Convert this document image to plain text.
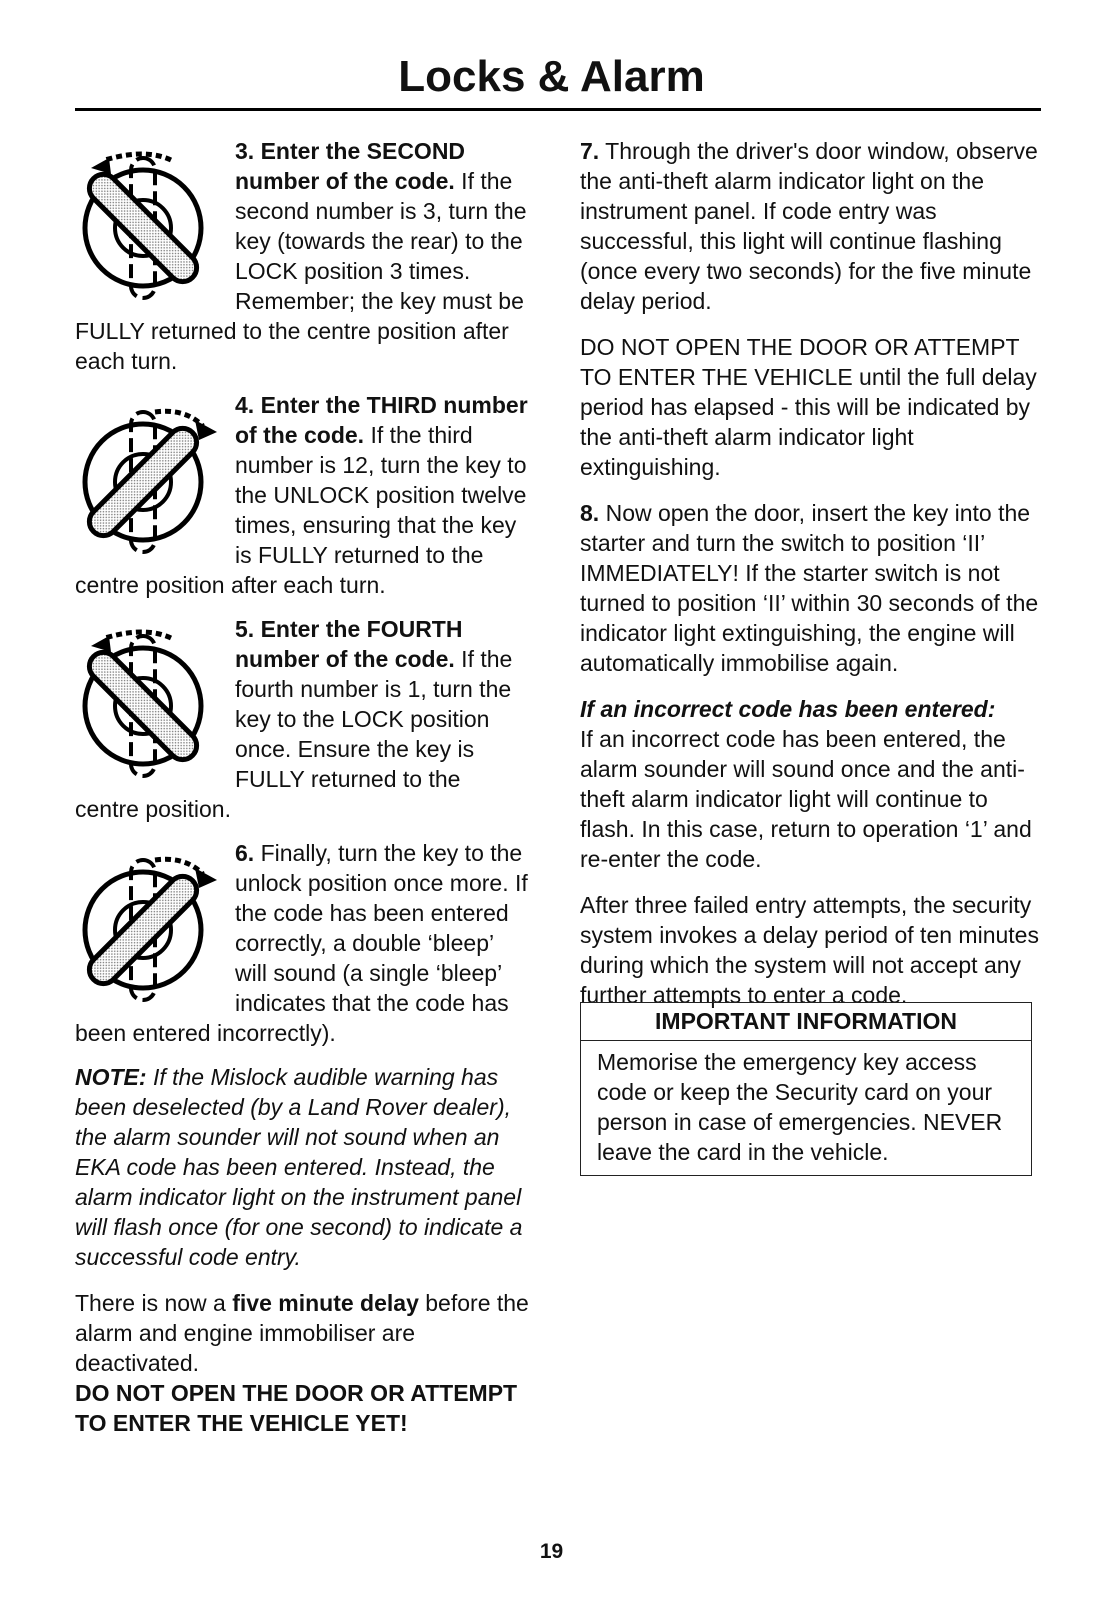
Locks & Alarm

3. Enter the SECOND number of the code. If the second number is 3, turn the key (towards the rear) to the LOCK position 3 times. Remember; the key must be FULLY returned to the centre position after each turn.

4. Enter the THIRD number of the code. If the third number is 12, turn the key to the UNLOCK position twelve times, ensuring that the key is FULLY returned to the centre position after each turn.

5. Enter the FOURTH number of the code. If the fourth number is 1, turn the key to the LOCK position once. Ensure the key is FULLY returned to the centre position.

6. Finally, turn the key to the unlock position once more. If the code has been entered correctly, a double ‘bleep’ will sound (a single ‘bleep’ indicates that the code has been entered incorrectly).

NOTE: If the Mislock audible warning has been deselected (by a Land Rover dealer), the alarm sounder will not sound when an EKA code has been entered. Instead, the alarm indicator light on the instrument panel will flash once (for one second) to indicate a successful code entry.

There is now a five minute delay before the alarm and engine immobiliser are deactivated.

DO NOT OPEN THE DOOR OR ATTEMPT TO ENTER THE VEHICLE YET!

7. Through the driver's door window, observe the anti-theft alarm indicator light on the instrument panel. If code entry was successful, this light will continue flashing (once every two seconds) for the five minute delay period.

DO NOT OPEN THE DOOR OR ATTEMPT TO ENTER THE VEHICLE until the full delay period has elapsed - this will be indicated by the anti-theft alarm indicator light extinguishing.

8. Now open the door, insert the key into the starter and turn the switch to position ‘II’ IMMEDIATELY! If the starter switch is not turned to position ‘II’ within 30 seconds of the indicator light extinguishing, the engine will automatically immobilise again.

If an incorrect code has been entered:

If an incorrect code has been entered, the alarm sounder will sound once and the anti-theft alarm indicator light will continue to flash. In this case, return to operation ‘1’ and re-enter the code.

After three failed entry attempts, the security system invokes a delay period of ten minutes during which the system will not accept any further attempts to enter a code.

IMPORTANT INFORMATION
Memorise the emergency key access code or keep the Security card on your person in case of emergencies. NEVER leave the card in the vehicle.
19
